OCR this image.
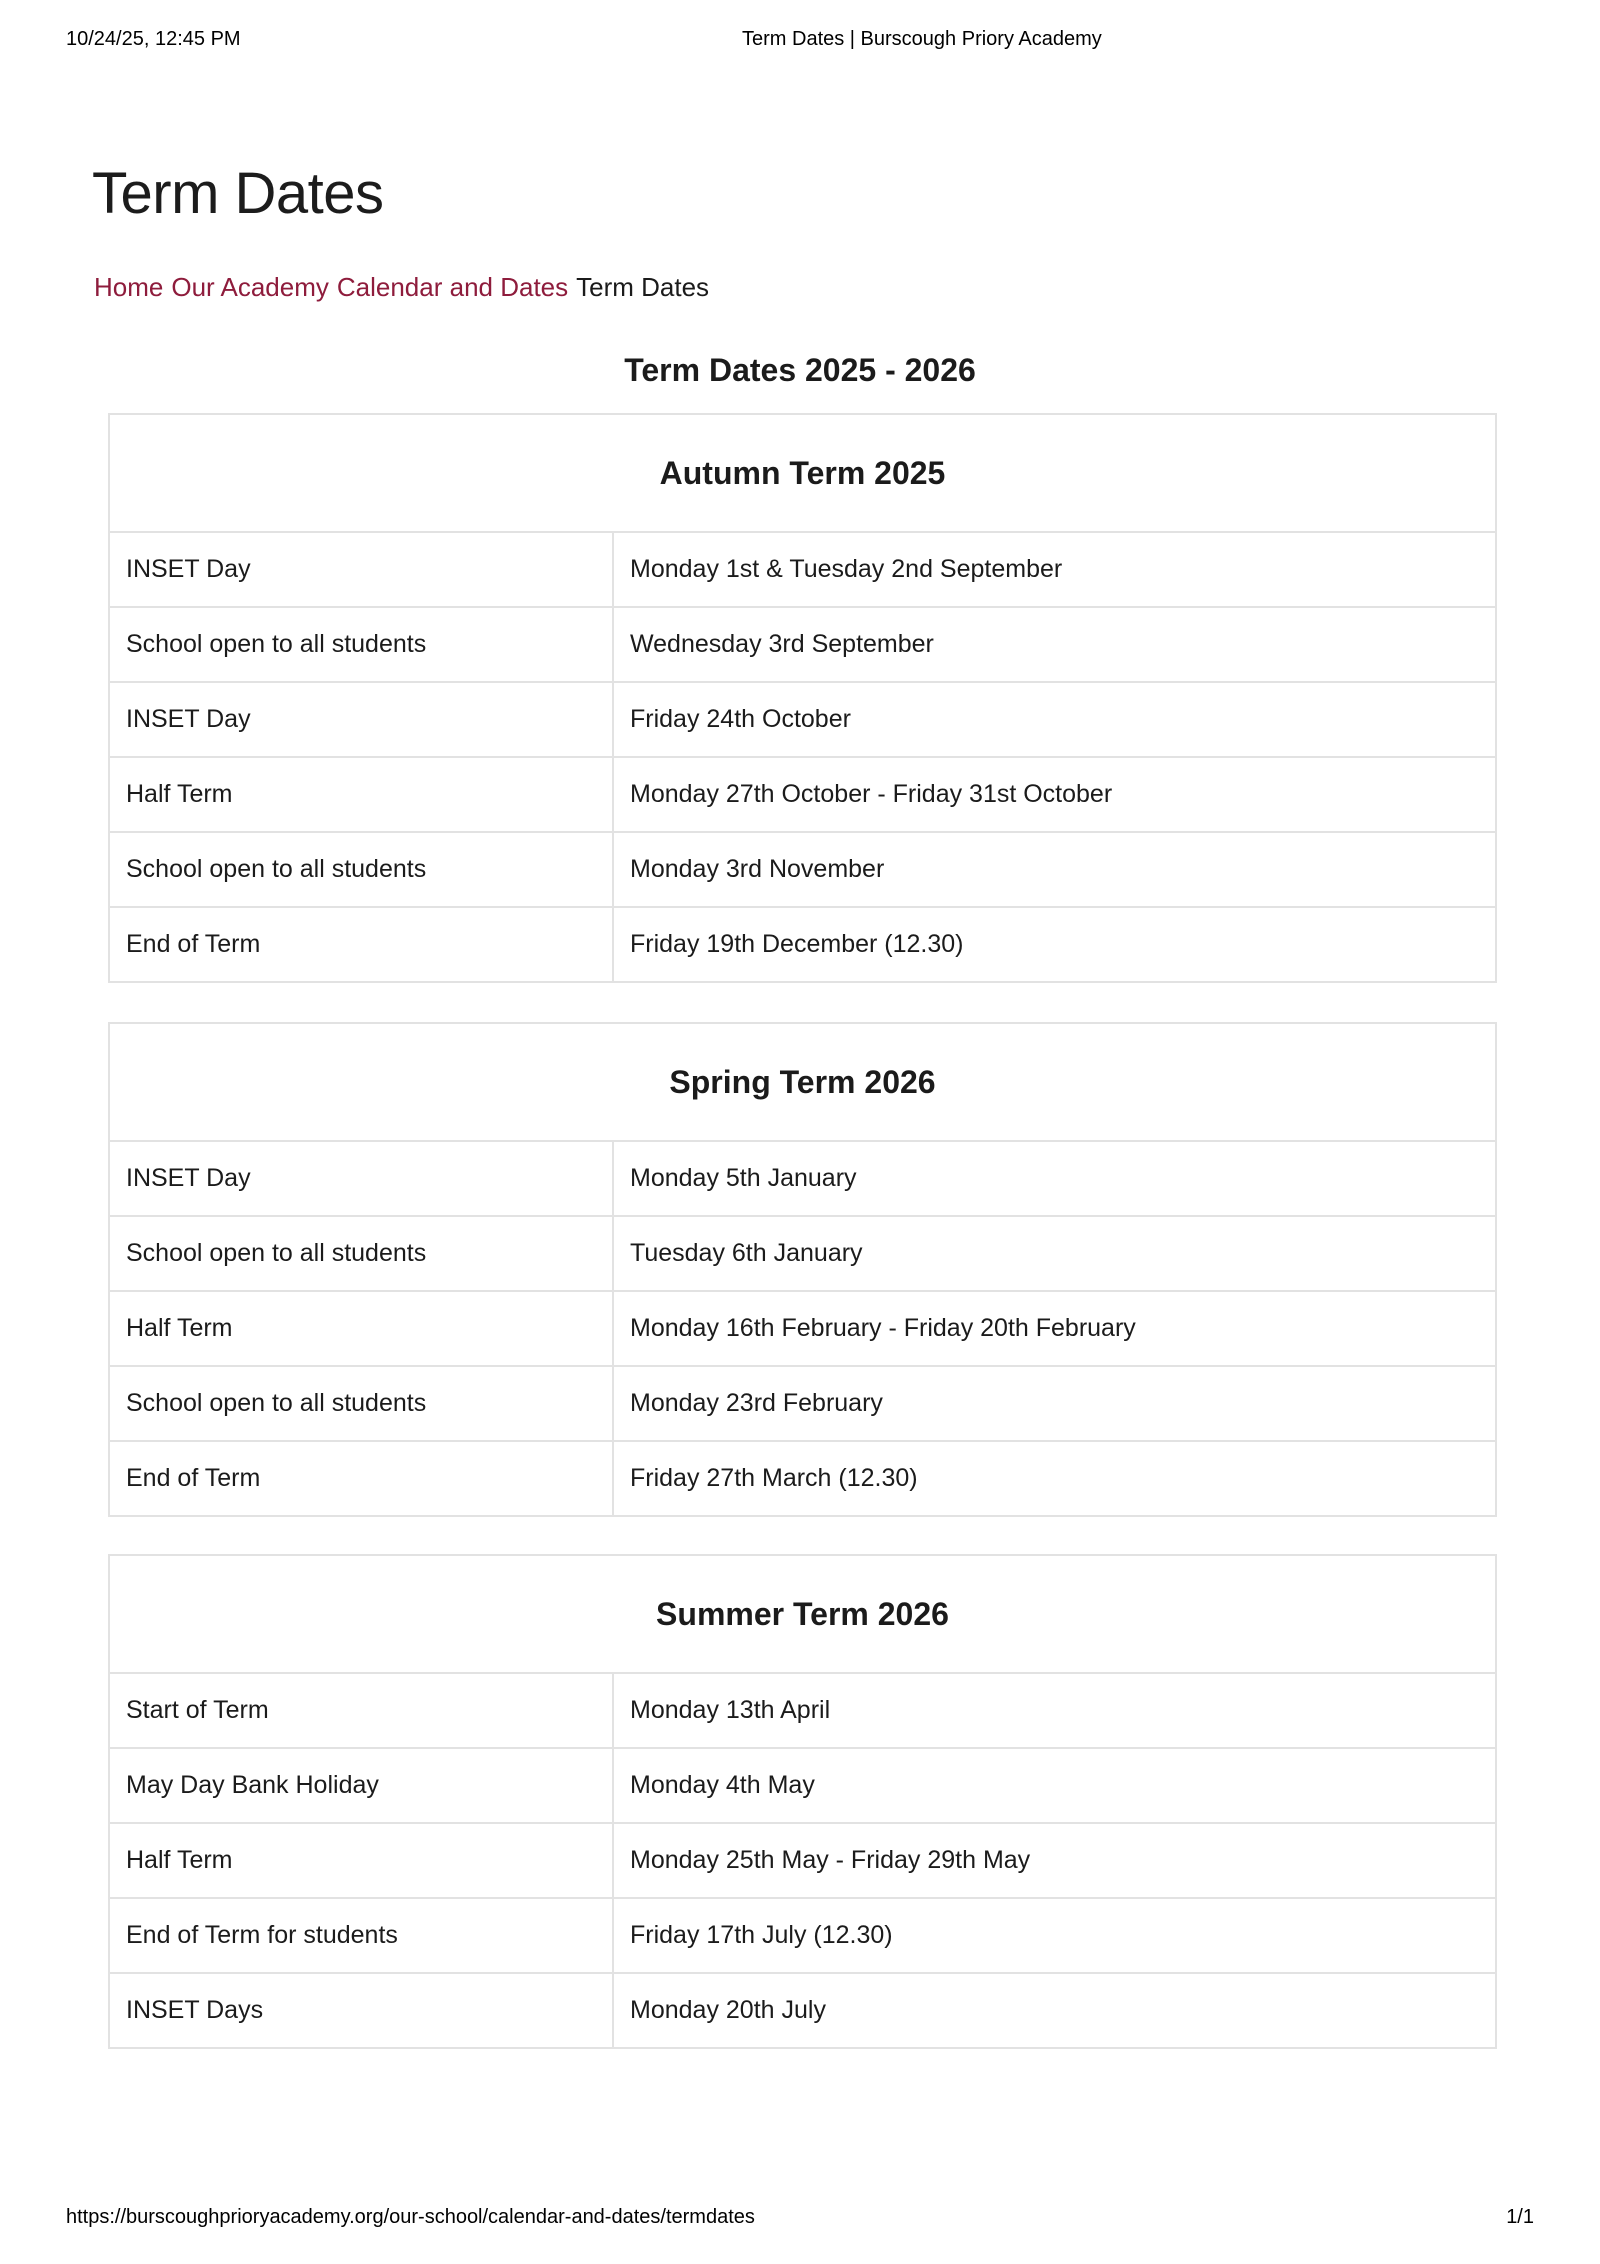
10/24/25, 12:45 PM	Term Dates | Burscough Priory Academy
Term Dates
Home Our Academy Calendar and Dates Term Dates
Term Dates 2025 - 2026
Autumn Term 2025	
INSET Day	Monday 1st & Tuesday 2nd September
School open to all students	Wednesday 3rd September
INSET Day	Friday 24th October
Half Term	Monday 27th October - Friday 31st October
School open to all students	Monday 3rd November
End of Term	Friday 19th December (12.30)
Spring Term 2026	
INSET Day	Monday 5th January
School open to all students	Tuesday 6th January
Half Term	Monday 16th February - Friday 20th February
School open to all students	Monday 23rd February
End of Term	Friday 27th March (12.30)
Summer Term 2026	
Start of Term	Monday 13th April
May Day Bank Holiday	Monday 4th May
Half Term	Monday 25th May - Friday 29th May
End of Term for students	Friday 17th July (12.30)
INSET Days	Monday 20th July
https://burscoughprioryacademy.org/our-school/calendar-and-dates/termdates	1/1
